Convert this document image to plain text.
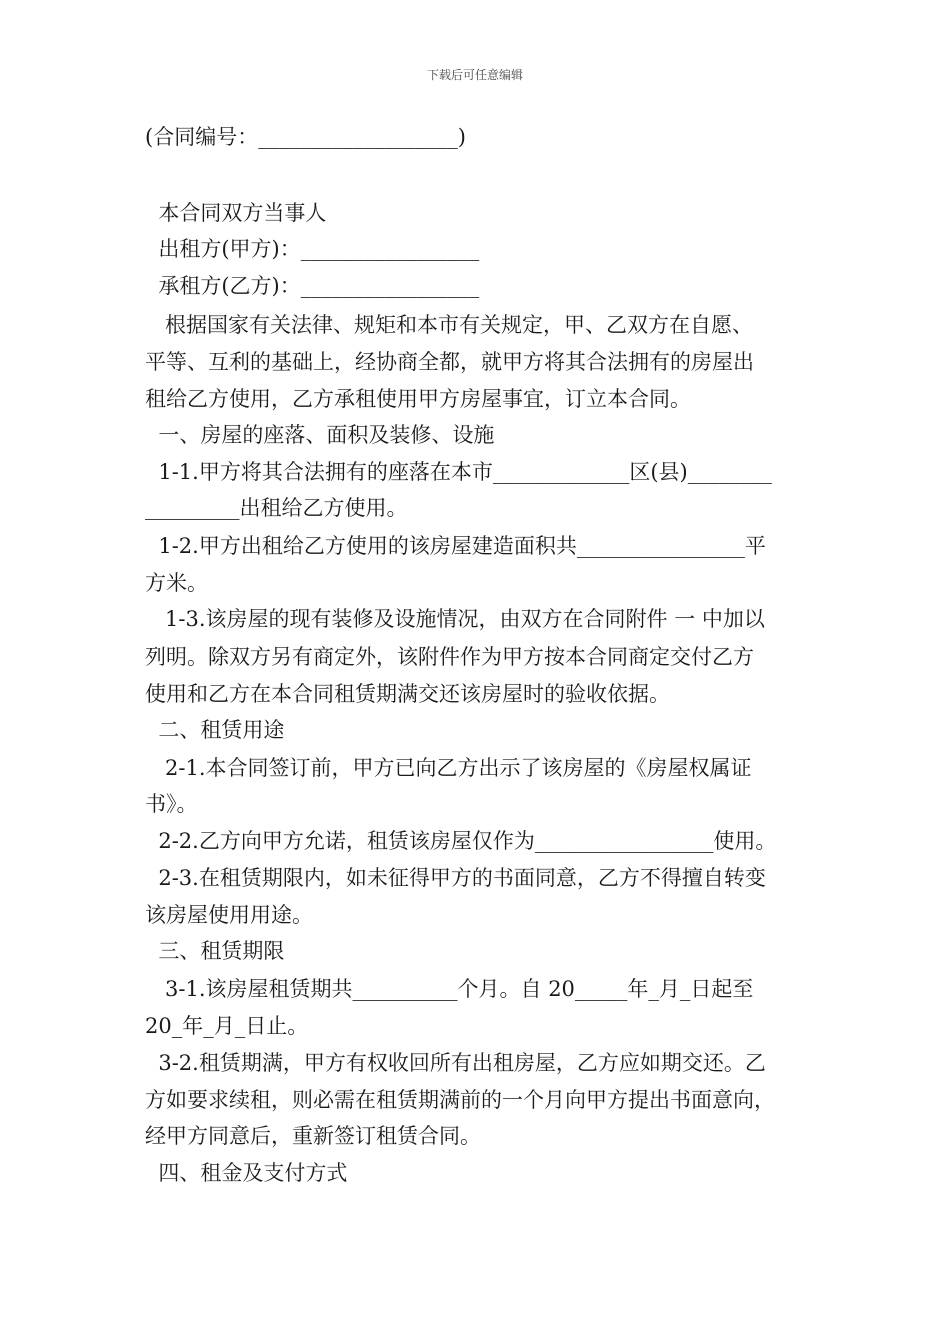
下载后可任意编辑
(合同编号：___________________)
本合同双方当事人
出租方(甲方)：_________________
承租方(乙方)：_________________
根据国家有关法律、规矩和本市有关规定，甲、乙双方在自愿、
平等、互利的基础上，经协商全都，就甲方将其合法拥有的房屋出
租给乙方使用，乙方承租使用甲方房屋事宜，订立本合同。
一、房屋的座落、面积及装修、设施
1-1.甲方将其合法拥有的座落在本市_____________区(县)________
_________出租给乙方使用。
1-2.甲方出租给乙方使用的该房屋建造面积共________________平
方米。
1-3.该房屋的现有装修及设施情况，由双方在合同附件 一 中加以
列明。除双方另有商定外，该附件作为甲方按本合同商定交付乙方
使用和乙方在本合同租赁期满交还该房屋时的验收依据。
二、租赁用途
2-1.本合同签订前，甲方已向乙方出示了该房屋的《房屋权属证
书》。
2-2.乙方向甲方允诺，租赁该房屋仅作为_________________使用。
2-3.在租赁期限内，如未征得甲方的书面同意，乙方不得擅自转变
该房屋使用用途。
三、租赁期限
3-1.该房屋租赁期共__________个月。自 20_____年_月_日起至
20_年_月_日止。
3-2.租赁期满，甲方有权收回所有出租房屋，乙方应如期交还。乙
方如要求续租，则必需在租赁期满前的一个月向甲方提出书面意向，
经甲方同意后，重新签订租赁合同。
四、租金及支付方式
